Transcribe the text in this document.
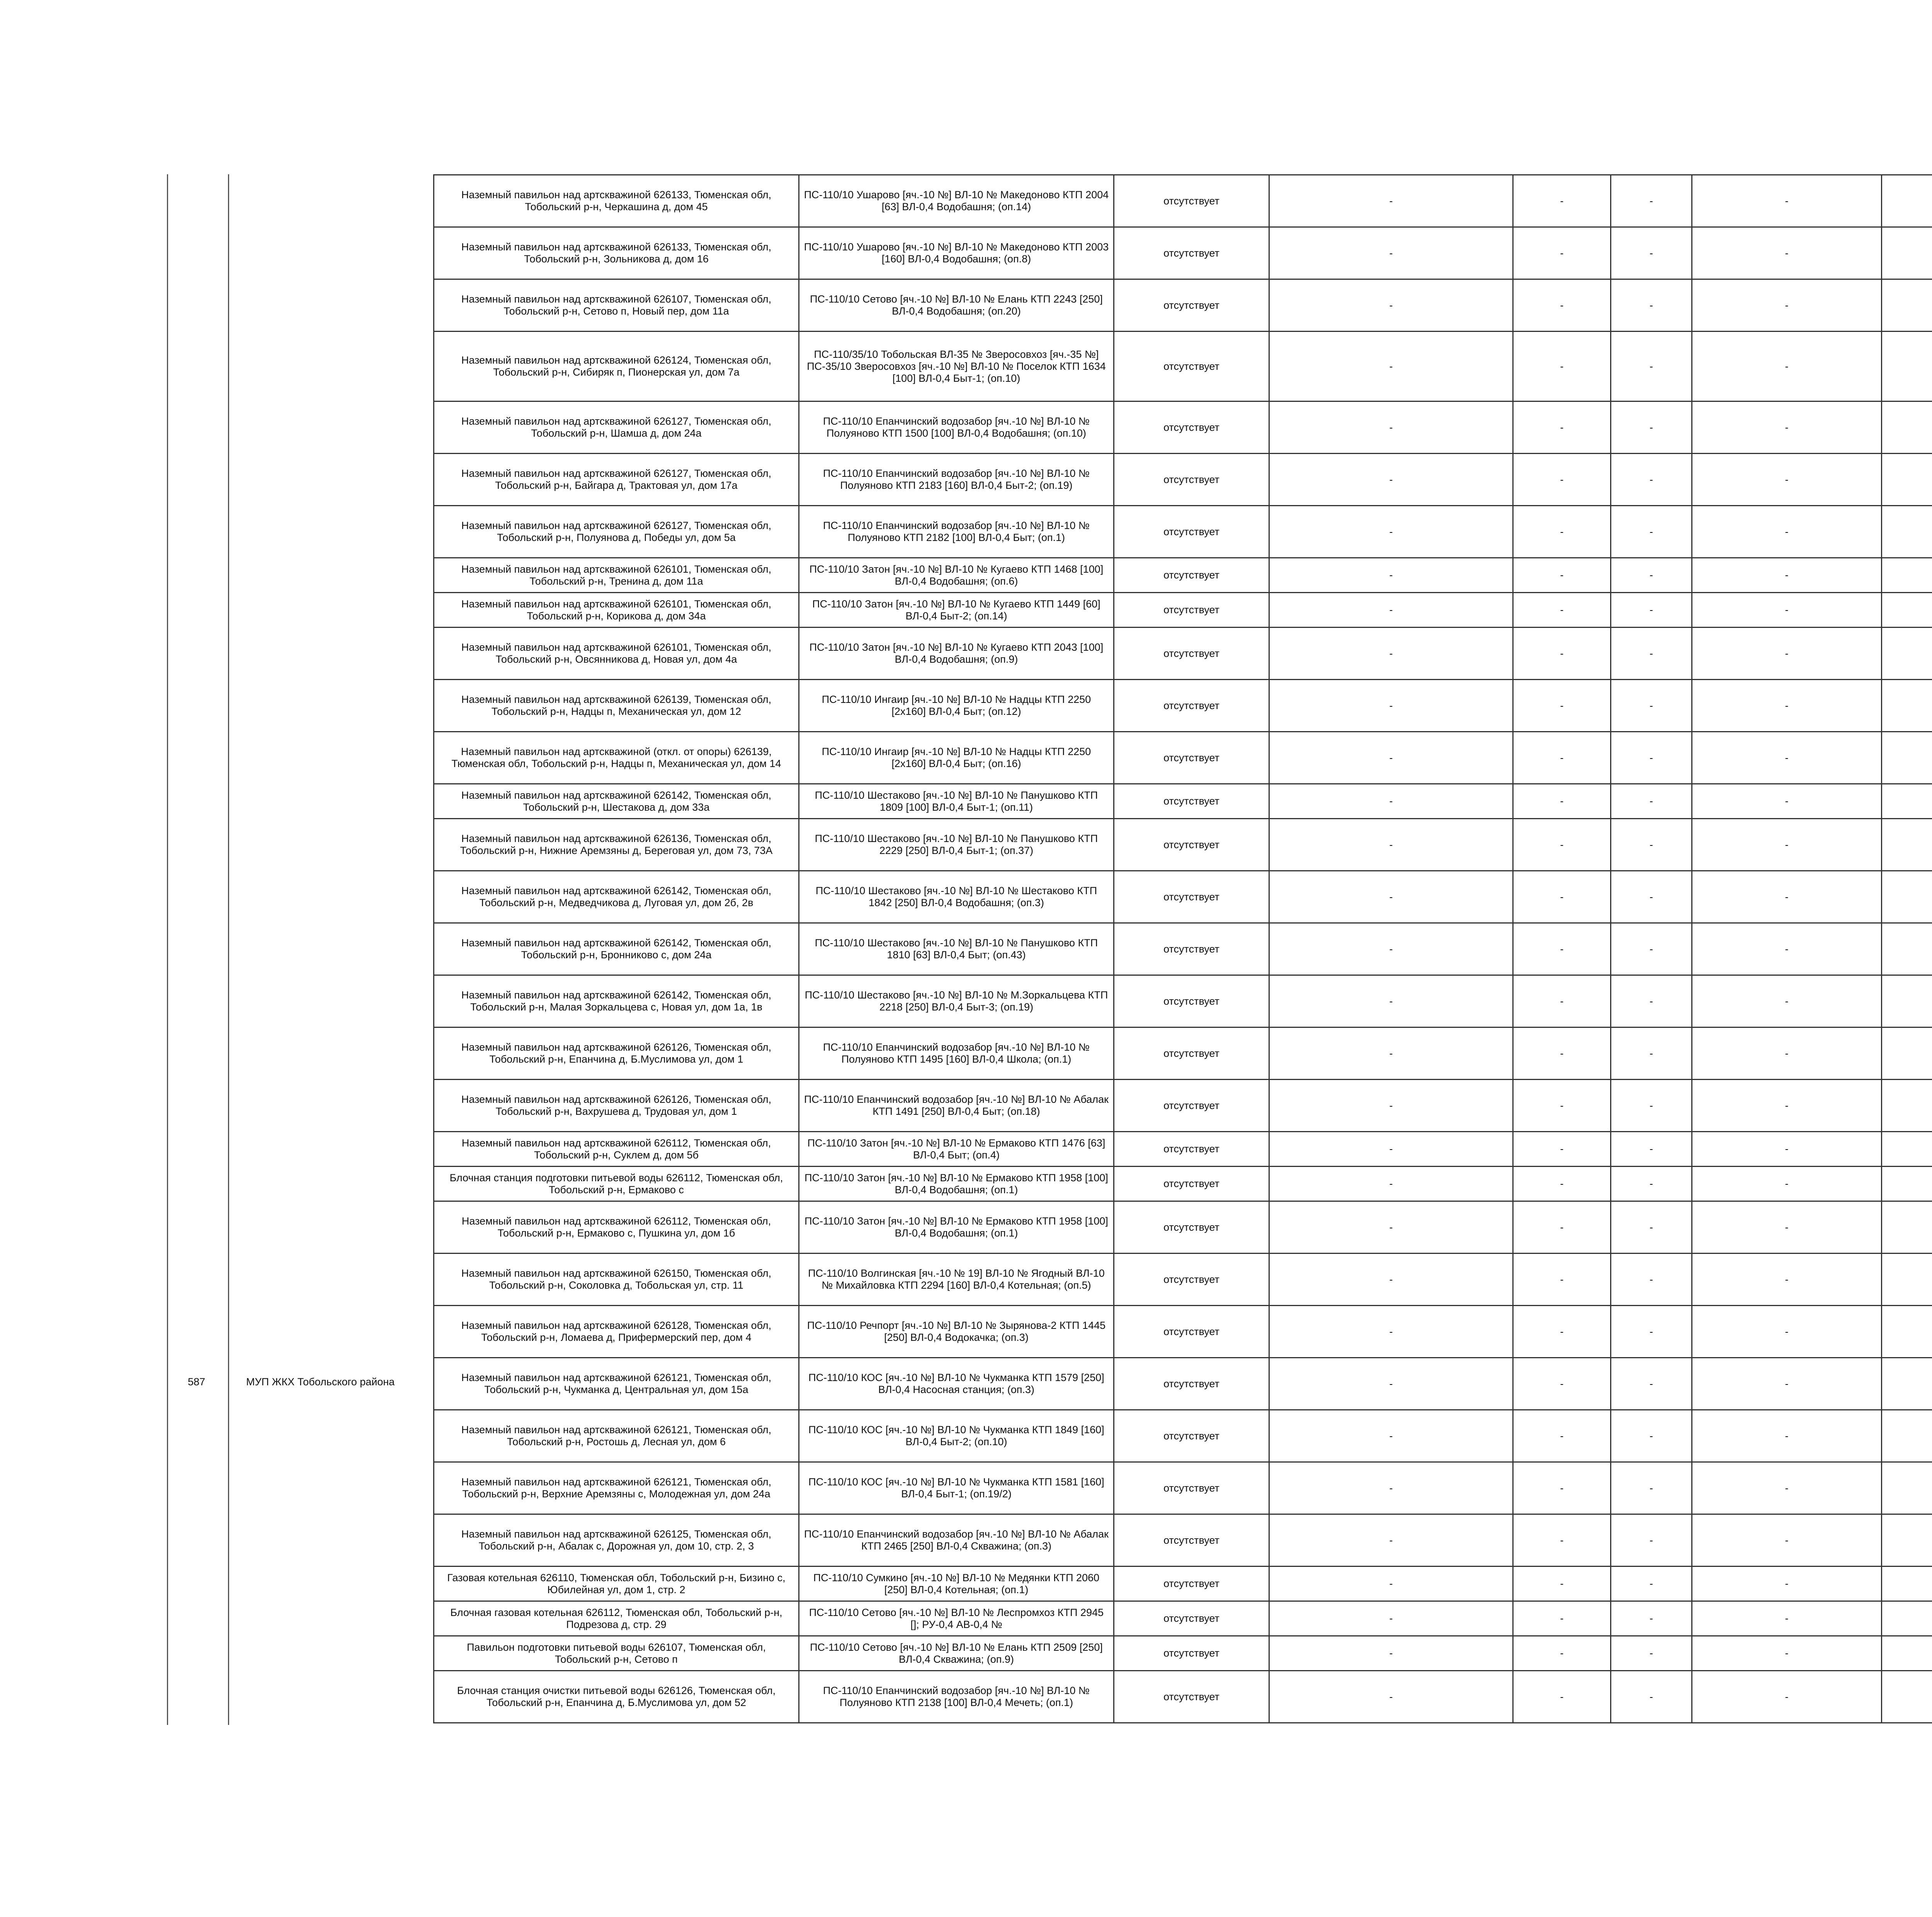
587	МУП ЖКХ Тобольского района
Наземный павильон над артскважиной 626133, Тюменская обл, Тобольский р-н, Черкашина д, дом 45	ПС-110/10 Ушарово [яч.-10 №] ВЛ-10 № Македоново КТП 2004 [63] ВЛ-0,4 Водобашня; (оп.14)	отсутствует	-	-	-	-		
Наземный павильон над артскважиной 626133, Тюменская обл, Тобольский р-н, Зольникова д, дом 16	ПС-110/10 Ушарово [яч.-10 №] ВЛ-10 № Македоново КТП 2003 [160] ВЛ-0,4 Водобашня; (оп.8)	отсутствует	-	-	-	-		
Наземный павильон над артскважиной 626107, Тюменская обл, Тобольский р-н, Сетово п, Новый пер, дом 11а	ПС-110/10 Сетово [яч.-10 №] ВЛ-10 № Елань КТП 2243 [250] ВЛ-0,4 Водобашня; (оп.20)	отсутствует	-	-	-	-		
Наземный павильон над артскважиной 626124, Тюменская обл, Тобольский р-н, Сибиряк п, Пионерская ул, дом 7а	ПС-110/35/10 Тобольская ВЛ-35 № Зверосовхоз [яч.-35 №] ПС-35/10 Зверосовхоз [яч.-10 №] ВЛ-10 № Поселок КТП 1634 [100] ВЛ-0,4 Быт-1; (оп.10)	отсутствует	-	-	-	-		
Наземный павильон над артскважиной 626127, Тюменская обл, Тобольский р-н, Шамша д, дом 24а	ПС-110/10 Епанчинский водозабор [яч.-10 №] ВЛ-10 № Полуяново КТП 1500 [100] ВЛ-0,4 Водобашня; (оп.10)	отсутствует	-	-	-	-		
Наземный павильон над артскважиной 626127, Тюменская обл, Тобольский р-н, Байгара д, Трактовая ул, дом 17а	ПС-110/10 Епанчинский водозабор [яч.-10 №] ВЛ-10 № Полуяново КТП 2183 [160] ВЛ-0,4 Быт-2; (оп.19)	отсутствует	-	-	-	-		
Наземный павильон над артскважиной 626127, Тюменская обл, Тобольский р-н, Полуянова д, Победы ул, дом 5а	ПС-110/10 Епанчинский водозабор [яч.-10 №] ВЛ-10 № Полуяново КТП 2182 [100] ВЛ-0,4 Быт; (оп.1)	отсутствует	-	-	-	-		
Наземный павильон над артскважиной 626101, Тюменская обл, Тобольский р-н, Тренина д, дом 11а	ПС-110/10 Затон [яч.-10 №] ВЛ-10 № Кугаево КТП 1468 [100] ВЛ-0,4 Водобашня; (оп.6)	отсутствует	-	-	-	-		
Наземный павильон над артскважиной 626101, Тюменская обл, Тобольский р-н, Корикова д, дом 34а	ПС-110/10 Затон [яч.-10 №] ВЛ-10 № Кугаево КТП 1449 [60] ВЛ-0,4 Быт-2; (оп.14)	отсутствует	-	-	-	-		
Наземный павильон над артскважиной 626101, Тюменская обл, Тобольский р-н, Овсянникова д, Новая ул, дом 4а	ПС-110/10 Затон [яч.-10 №] ВЛ-10 № Кугаево КТП 2043 [100] ВЛ-0,4 Водобашня; (оп.9)	отсутствует	-	-	-	-		
Наземный павильон над артскважиной 626139, Тюменская обл, Тобольский р-н, Надцы п, Механическая ул, дом 12	ПС-110/10 Ингаир [яч.-10 №] ВЛ-10 № Надцы КТП 2250 [2х160] ВЛ-0,4 Быт; (оп.12)	отсутствует	-	-	-	-		
Наземный павильон над артскважиной (откл. от опоры) 626139, Тюменская обл, Тобольский р-н, Надцы п, Механическая ул, дом 14	ПС-110/10 Ингаир [яч.-10 №] ВЛ-10 № Надцы КТП 2250 [2х160] ВЛ-0,4 Быт; (оп.16)	отсутствует	-	-	-	-		
Наземный павильон над артскважиной 626142, Тюменская обл, Тобольский р-н, Шестакова д, дом 33а	ПС-110/10 Шестаково [яч.-10 №] ВЛ-10 № Панушково КТП 1809 [100] ВЛ-0,4 Быт-1; (оп.11)	отсутствует	-	-	-	-		
Наземный павильон над артскважиной 626136, Тюменская обл, Тобольский р-н, Нижние Аремзяны д, Береговая ул, дом 73, 73А	ПС-110/10 Шестаково [яч.-10 №] ВЛ-10 № Панушково КТП 2229 [250] ВЛ-0,4 Быт-1; (оп.37)	отсутствует	-	-	-	-		
Наземный павильон над артскважиной 626142, Тюменская обл, Тобольский р-н, Медведчикова д, Луговая ул, дом 2б, 2в	ПС-110/10 Шестаково [яч.-10 №] ВЛ-10 № Шестаково КТП 1842 [250] ВЛ-0,4 Водобашня; (оп.3)	отсутствует	-	-	-	-		
Наземный павильон над артскважиной 626142, Тюменская обл, Тобольский р-н, Бронниково с, дом 24а	ПС-110/10 Шестаково [яч.-10 №] ВЛ-10 № Панушково КТП 1810 [63] ВЛ-0,4 Быт; (оп.43)	отсутствует	-	-	-	-		
Наземный павильон над артскважиной 626142, Тюменская обл, Тобольский р-н, Малая Зоркальцева с, Новая ул, дом 1а, 1в	ПС-110/10 Шестаково [яч.-10 №] ВЛ-10 № М.Зоркальцева КТП 2218 [250] ВЛ-0,4 Быт-3; (оп.19)	отсутствует	-	-	-	-		
Наземный павильон над артскважиной 626126, Тюменская обл, Тобольский р-н, Епанчина д, Б.Муслимова ул, дом 1	ПС-110/10 Епанчинский водозабор [яч.-10 №] ВЛ-10 № Полуяново КТП 1495 [160] ВЛ-0,4 Школа; (оп.1)	отсутствует	-	-	-	-		
Наземный павильон над артскважиной 626126, Тюменская обл, Тобольский р-н, Вахрушева д, Трудовая ул, дом 1	ПС-110/10 Епанчинский водозабор [яч.-10 №] ВЛ-10 № Абалак КТП 1491 [250] ВЛ-0,4 Быт; (оп.18)	отсутствует	-	-	-	-		
Наземный павильон над артскважиной 626112, Тюменская обл, Тобольский р-н, Суклем д, дом 5б	ПС-110/10 Затон [яч.-10 №] ВЛ-10 № Ермаково КТП 1476 [63] ВЛ-0,4 Быт; (оп.4)	отсутствует	-	-	-	-		
Блочная станция подготовки питьевой воды 626112, Тюменская обл, Тобольский р-н, Ермаково с	ПС-110/10 Затон [яч.-10 №] ВЛ-10 № Ермаково КТП 1958 [100] ВЛ-0,4 Водобашня; (оп.1)	отсутствует	-	-	-	-		
Наземный павильон над артскважиной 626112, Тюменская обл, Тобольский р-н, Ермаково с, Пушкина ул, дом 1б	ПС-110/10 Затон [яч.-10 №] ВЛ-10 № Ермаково КТП 1958 [100] ВЛ-0,4 Водобашня; (оп.1)	отсутствует	-	-	-	-		
Наземный павильон над артскважиной 626150, Тюменская обл, Тобольский р-н, Соколовка д, Тобольская ул, стр. 11	ПС-110/10 Волгинская [яч.-10 № 19] ВЛ-10 № Ягодный ВЛ-10 № Михайловка КТП 2294 [160] ВЛ-0,4 Котельная; (оп.5)	отсутствует	-	-	-	-		
Наземный павильон над артскважиной 626128, Тюменская обл, Тобольский р-н, Ломаева д, Прифермерский пер, дом 4	ПС-110/10 Речпорт [яч.-10 №] ВЛ-10 № Зырянова-2 КТП 1445 [250] ВЛ-0,4 Водокачка; (оп.3)	отсутствует	-	-	-	-		
Наземный павильон над артскважиной 626121, Тюменская обл, Тобольский р-н, Чукманка д, Центральная ул, дом 15а	ПС-110/10 КОС [яч.-10 №] ВЛ-10 № Чукманка КТП 1579 [250] ВЛ-0,4 Насосная станция; (оп.3)	отсутствует	-	-	-	-		
Наземный павильон над артскважиной 626121, Тюменская обл, Тобольский р-н, Ростошь д, Лесная ул, дом 6	ПС-110/10 КОС [яч.-10 №] ВЛ-10 № Чукманка КТП 1849 [160] ВЛ-0,4 Быт-2; (оп.10)	отсутствует	-	-	-	-		
Наземный павильон над артскважиной 626121, Тюменская обл, Тобольский р-н, Верхние Аремзяны с, Молодежная ул, дом 24а	ПС-110/10 КОС [яч.-10 №] ВЛ-10 № Чукманка КТП 1581 [160] ВЛ-0,4 Быт-1; (оп.19/2)	отсутствует	-	-	-	-		
Наземный павильон над артскважиной 626125, Тюменская обл, Тобольский р-н, Абалак с, Дорожная ул, дом 10, стр. 2, 3	ПС-110/10 Епанчинский водозабор [яч.-10 №] ВЛ-10 № Абалак КТП 2465 [250] ВЛ-0,4 Скважина; (оп.3)	отсутствует	-	-	-	-		
Газовая котельная 626110, Тюменская обл, Тобольский р-н, Бизино с, Юбилейная ул, дом 1, стр. 2	ПС-110/10 Сумкино [яч.-10 №] ВЛ-10 № Медянки КТП 2060 [250] ВЛ-0,4 Котельная; (оп.1)	отсутствует	-	-	-	-		
Блочная газовая котельная 626112, Тюменская обл, Тобольский р-н, Подрезова д, стр. 29	ПС-110/10 Сетово [яч.-10 №] ВЛ-10 № Леспромхоз КТП 2945 []; РУ-0,4 АВ-0,4 №	отсутствует	-	-	-	-		
Павильон подготовки питьевой воды 626107, Тюменская обл, Тобольский р-н, Сетово п	ПС-110/10 Сетово [яч.-10 №] ВЛ-10 № Елань КТП 2509 [250] ВЛ-0,4 Скважина; (оп.9)	отсутствует	-	-	-	-		
Блочная станция очистки питьевой воды 626126, Тюменская обл, Тобольский р-н, Епанчина д, Б.Муслимова ул, дом 52	ПС-110/10 Епанчинский водозабор [яч.-10 №] ВЛ-10 № Полуяново КТП 2138 [100] ВЛ-0,4 Мечеть; (оп.1)	отсутствует	-	-	-	-		
